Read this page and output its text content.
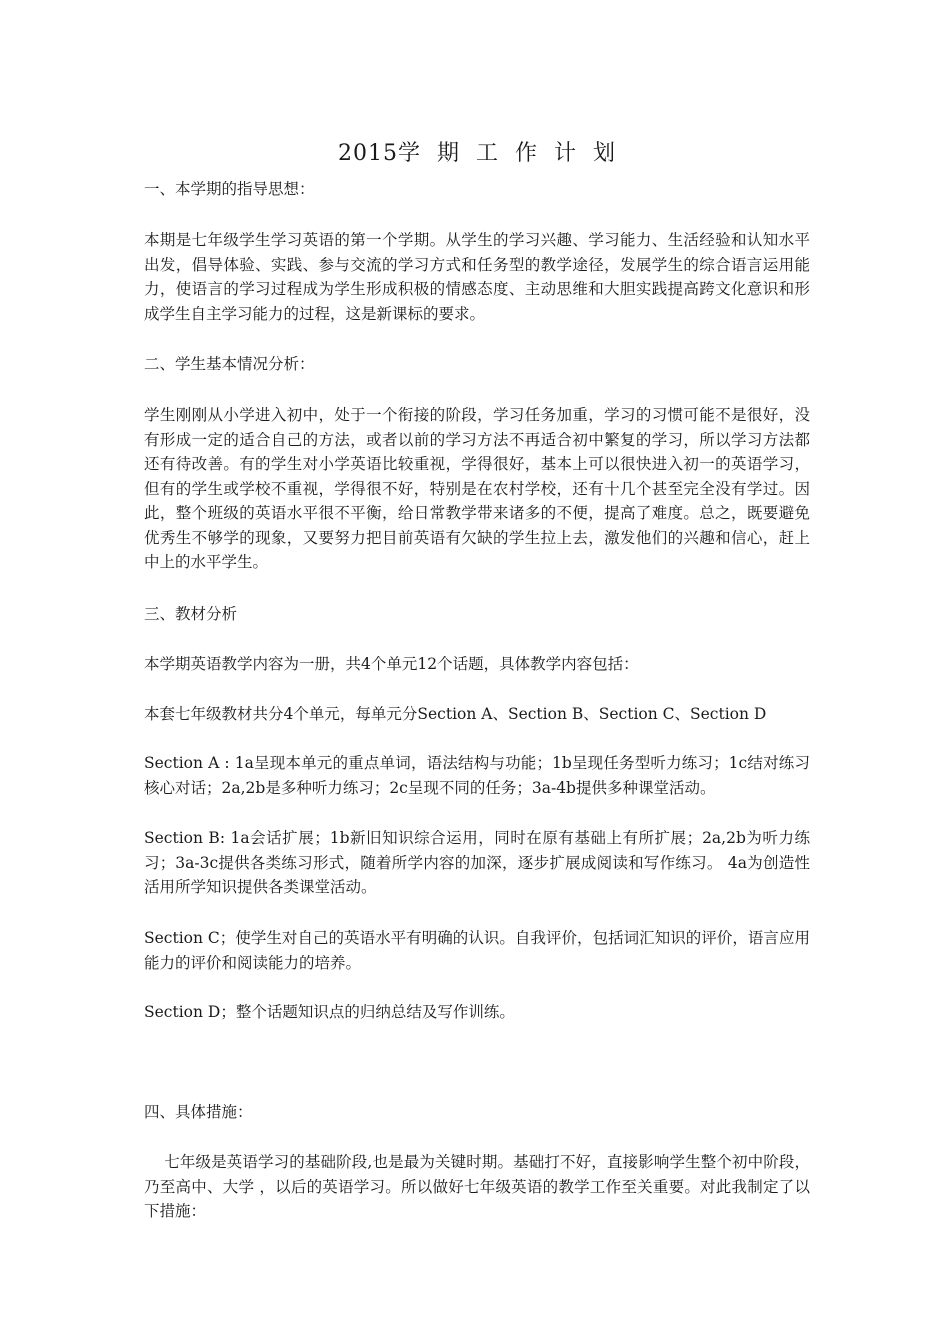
2015学  期  工  作  计  划
一、本学期的指导思想：

本期是七年级学生学习英语的第一个学期。从学生的学习兴趣、学习能力、生活经验和认知水平出发，倡导体验、实践、参与交流的学习方式和任务型的教学途径，发展学生的综合语言运用能力，使语言的学习过程成为学生形成积极的情感态度、主动思维和大胆实践提高跨文化意识和形成学生自主学习能力的过程，这是新课标的要求。

二、学生基本情况分析：

学生刚刚从小学进入初中，处于一个衔接的阶段，学习任务加重，学习的习惯可能不是很好，没有形成一定的适合自己的方法，或者以前的学习方法不再适合初中繁复的学习，所以学习方法都还有待改善。有的学生对小学英语比较重视，学得很好，基本上可以很快进入初一的英语学习，但有的学生或学校不重视，学得很不好，特别是在农村学校，还有十几个甚至完全没有学过。因此，整个班级的英语水平很不平衡，给日常教学带来诸多的不便，提高了难度。总之，既要避免优秀生不够学的现象，又要努力把目前英语有欠缺的学生拉上去，激发他们的兴趣和信心，赶上中上的水平学生。

三、教材分析

本学期英语教学内容为一册，共4个单元12个话题，具体教学内容包括：

本套七年级教材共分4个单元，每单元分Section A、Section B、Section C、Section D

Section A : 1a呈现本单元的重点单词，语法结构与功能；1b呈现任务型听力练习；1c结对练习核心对话；2a,2b是多种听力练习；2c呈现不同的任务；3a-4b提供多种课堂活动。

Section B: 1a会话扩展；1b新旧知识综合运用，同时在原有基础上有所扩展；2a,2b为听力练习；3a-3c提供各类练习形式，随着所学内容的加深，逐步扩展成阅读和写作练习。 4a为创造性活用所学知识提供各类课堂活动。

Section C；使学生对自己的英语水平有明确的认识。自我评价，包括词汇知识的评价，语言应用能力的评价和阅读能力的培养。

Section D；整个话题知识点的归纳总结及写作训练。

四、具体措施：

七年级是英语学习的基础阶段,也是最为关键时期。基础打不好，直接影响学生整个初中阶段，乃至高中、大学 ，以后的英语学习。所以做好七年级英语的教学工作至关重要。对此我制定了以下措施：
